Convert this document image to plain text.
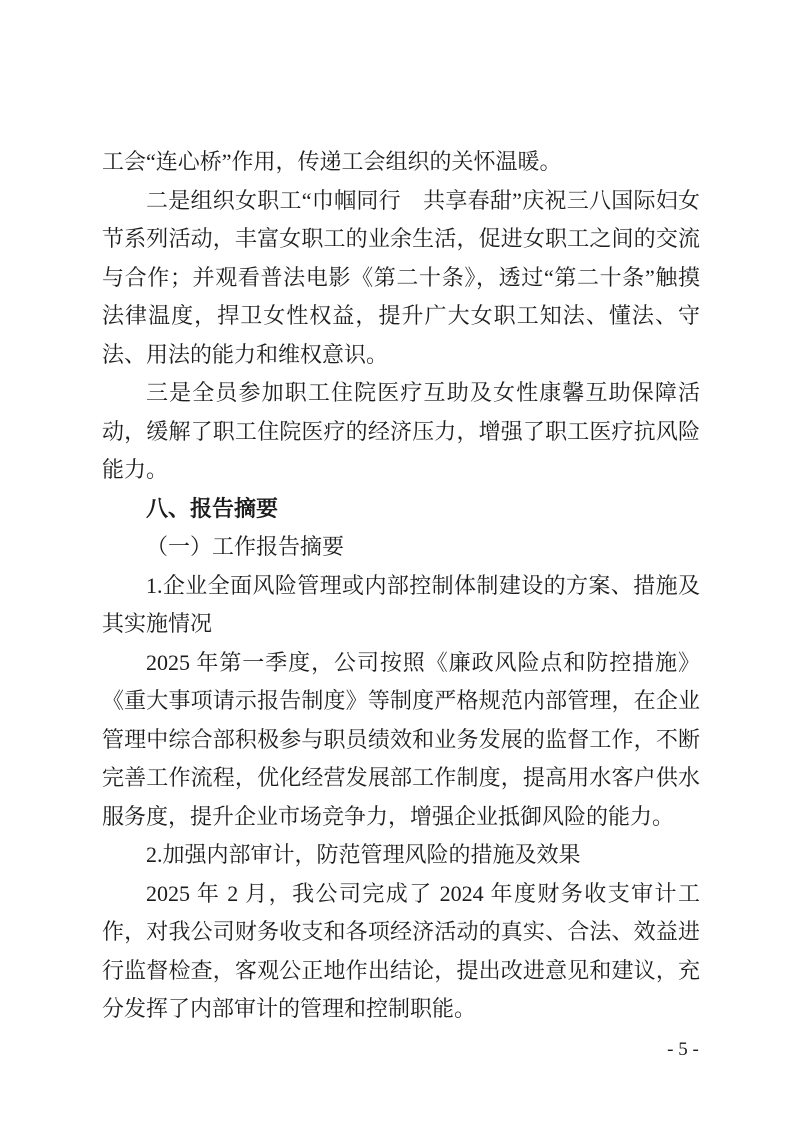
工会“连心桥”作用，传递工会组织的关怀温暖。

二是组织女职工“巾帼同行　共享春甜”庆祝三八国际妇女节系列活动，丰富女职工的业余生活，促进女职工之间的交流与合作；并观看普法电影《第二十条》，透过“第二十条”触摸法律温度，捍卫女性权益，提升广大女职工知法、懂法、守法、用法的能力和维权意识。

三是全员参加职工住院医疗互助及女性康馨互助保障活动，缓解了职工住院医疗的经济压力，增强了职工医疗抗风险能力。

八、报告摘要

（一）工作报告摘要

1.企业全面风险管理或内部控制体制建设的方案、措施及其实施情况

2025 年第一季度，公司按照《廉政风险点和防控措施》《重大事项请示报告制度》等制度严格规范内部管理，在企业管理中综合部积极参与职员绩效和业务发展的监督工作，不断完善工作流程，优化经营发展部工作制度，提高用水客户供水服务度，提升企业市场竞争力，增强企业抵御风险的能力。

2.加强内部审计，防范管理风险的措施及效果

2025 年 2 月，我公司完成了 2024 年度财务收支审计工作，对我公司财务收支和各项经济活动的真实、合法、效益进行监督检查，客观公正地作出结论，提出改进意见和建议，充分发挥了内部审计的管理和控制职能。

- 5 -
